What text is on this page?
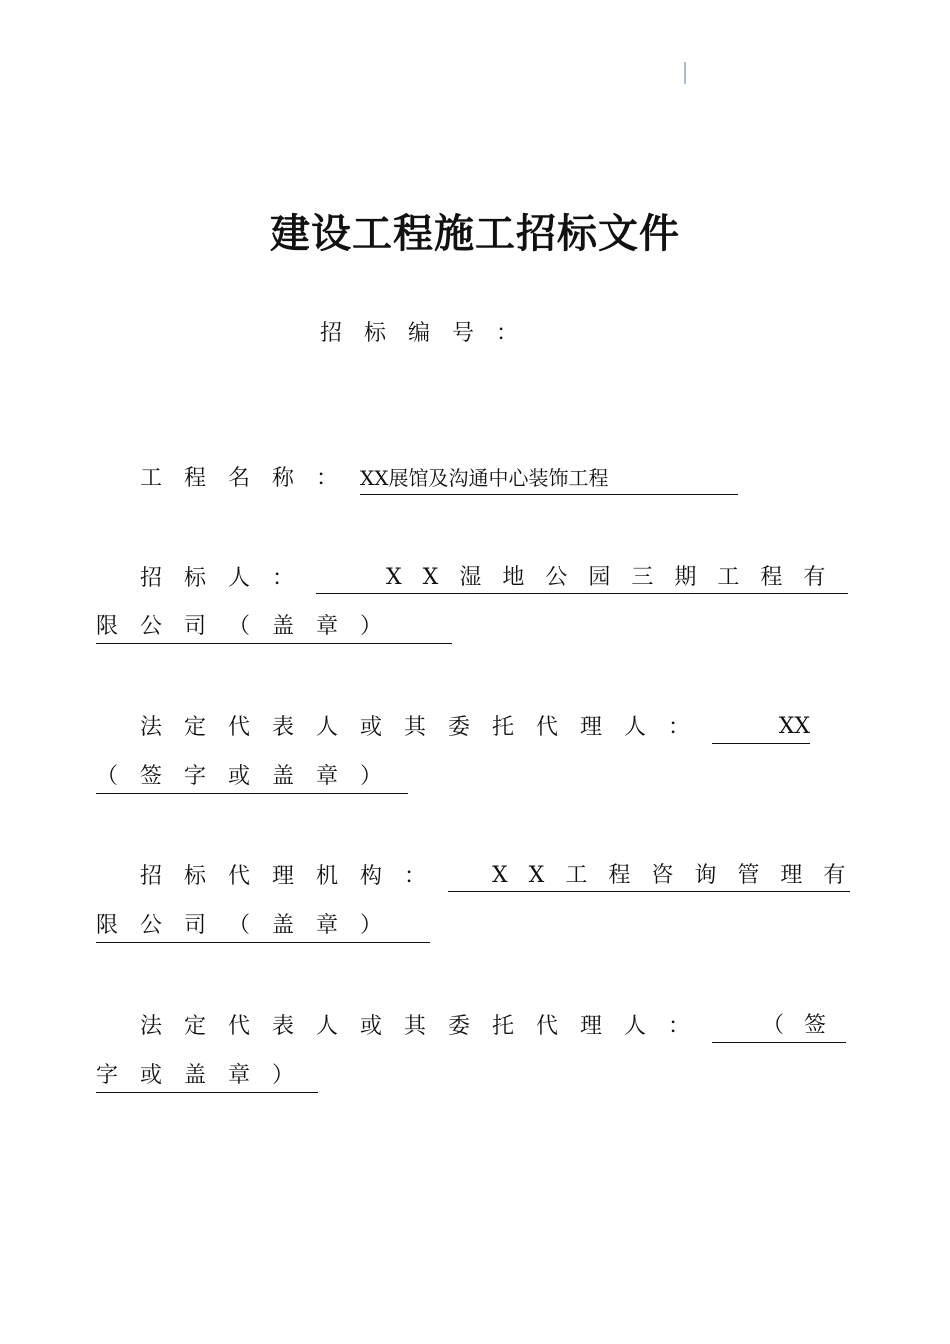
建设工程施工招标文件
招标编号：
工程名称：XX展馆及沟通中心装饰工程
招标人：	XX湿地公园三期工程有
限公司（盖章）
法定代表人或其委托代理人：	XX
（签字或盖章）
招标代理机构： XX工程咨询管理有
限公司（盖章）
法定代表人或其委托代理人： （签
字或盖章）
